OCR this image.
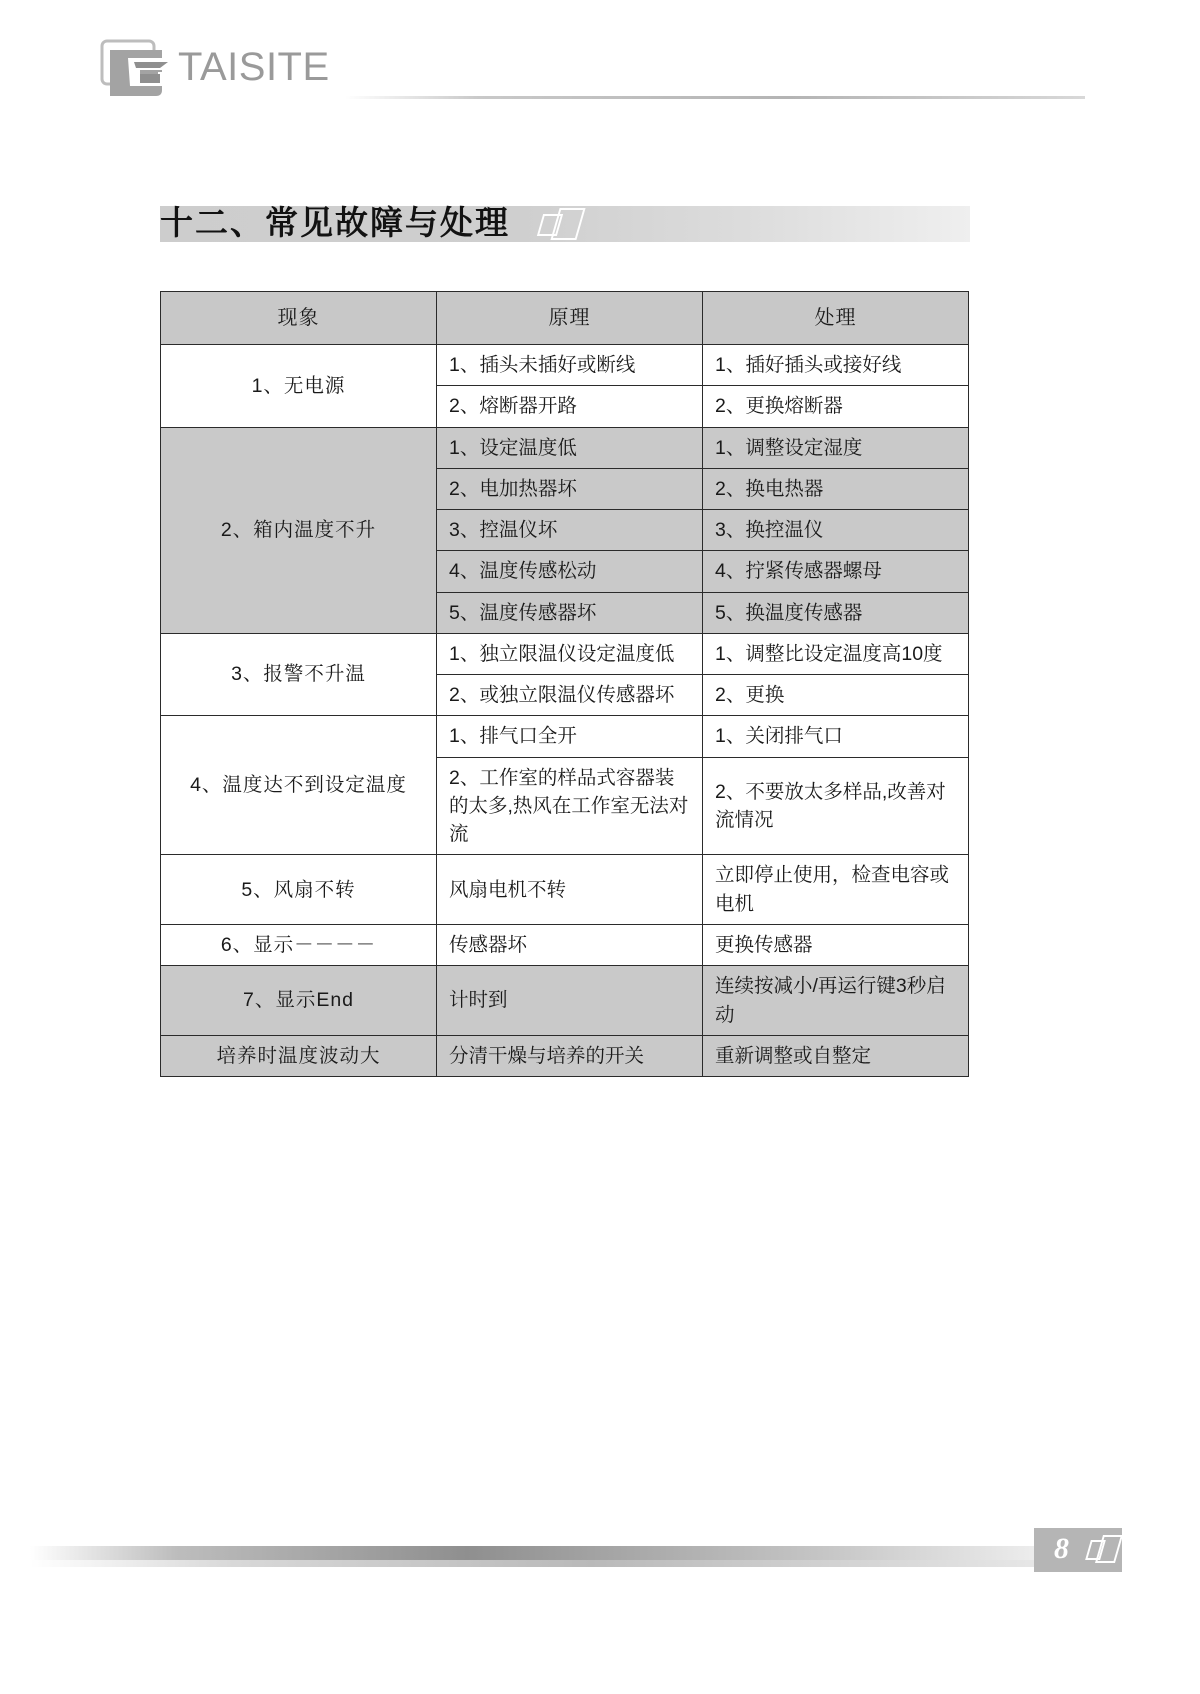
TAISITE
十二、常见故障与处理
现象	原理	处理
1、无电源	1、插头未插好或断线	1、插好插头或接好线
	2、熔断器开路	2、更换熔断器
2、箱内温度不升	1、设定温度低	1、调整设定湿度
	2、电加热器坏	2、换电热器
	3、控温仪坏	3、换控温仪
	4、温度传感松动	4、拧紧传感器螺母
	5、温度传感器坏	5、换温度传感器
3、报警不升温	1、独立限温仪设定温度低	1、调整比设定温度高10度
	2、或独立限温仪传感器坏	2、更换
4、温度达不到设定温度	1、排气口全开	1、关闭排气口
	2、工作室的样品式容器装的太多,热风在工作室无法对流	2、不要放太多样品,改善对流情况
5、风扇不转	风扇电机不转	立即停止使用，检查电容或电机
6、显示－－－－	传感器坏	更换传感器
7、显示End	计时到	连续按减小/再运行键3秒启动
培养时温度波动大	分清干燥与培养的开关	重新调整或自整定
8
